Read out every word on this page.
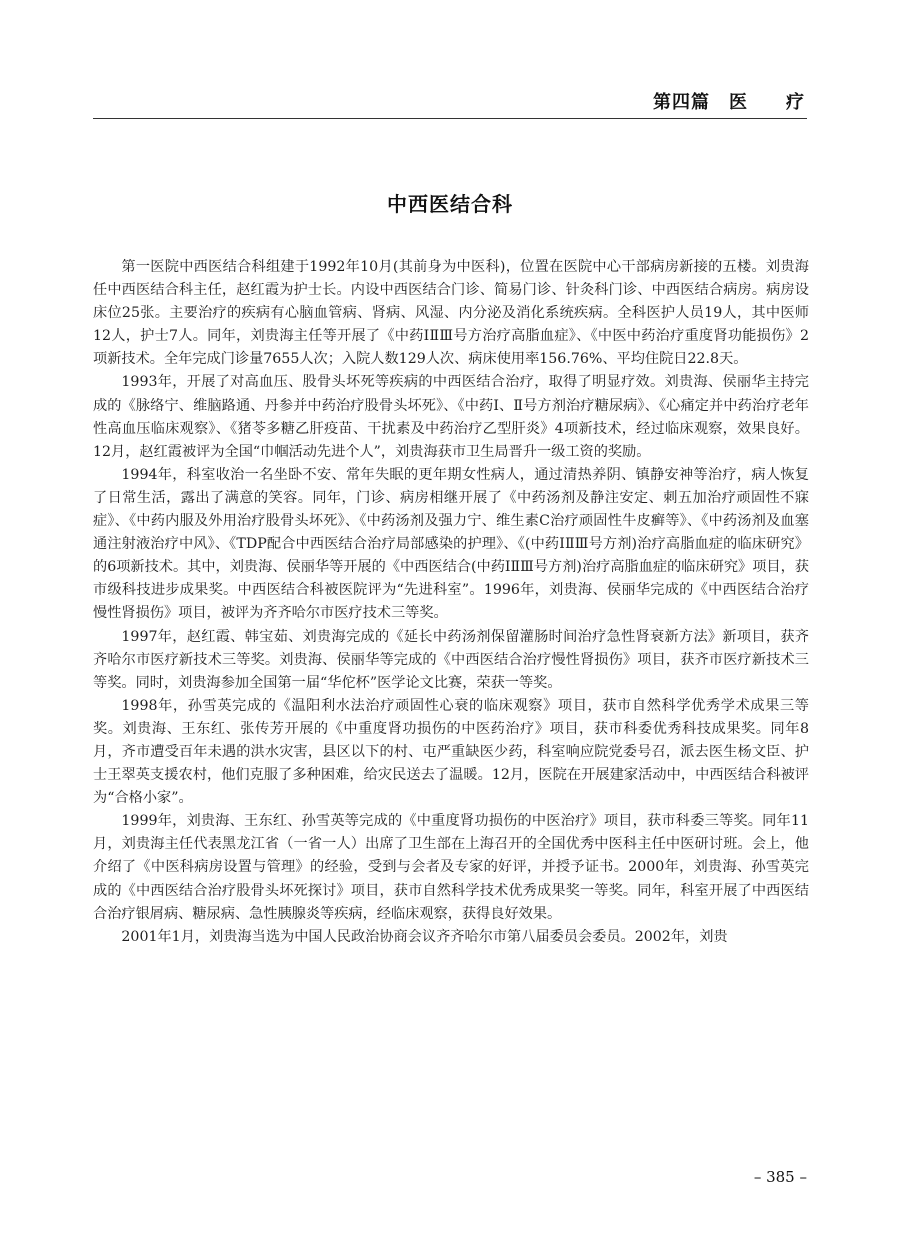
第四篇　医　　疗
中西医结合科

第一医院中西医结合科组建于1992年10月(其前身为中医科)，位置在医院中心干部病房新接的五楼。刘贵海任中西医结合科主任，赵红霞为护士长。内设中西医结合门诊、简易门诊、针灸科门诊、中西医结合病房。病房设床位25张。主要治疗的疾病有心脑血管病、肾病、风湿、内分泌及消化系统疾病。全科医护人员19人，其中医师12人，护士7人。同年，刘贵海主任等开展了《中药ⅠⅡⅢ号方治疗高脂血症》、《中医中药治疗重度肾功能损伤》2项新技术。全年完成门诊量7655人次；入院人数129人次、病床使用率156.76%、平均住院日22.8天。

1993年，开展了对高血压、股骨头坏死等疾病的中西医结合治疗，取得了明显疗效。刘贵海、侯丽华主持完成的《脉络宁、维脑路通、丹参并中药治疗股骨头坏死》、《中药Ⅰ、Ⅱ号方剂治疗糖尿病》、《心痛定并中药治疗老年性高血压临床观察》、《猪苓多糖乙肝疫苗、干扰素及中药治疗乙型肝炎》4项新技术，经过临床观察，效果良好。12月，赵红霞被评为全国“巾帼活动先进个人”，刘贵海获市卫生局晋升一级工资的奖励。

1994年，科室收治一名坐卧不安、常年失眠的更年期女性病人，通过清热养阴、镇静安神等治疗，病人恢复了日常生活，露出了满意的笑容。同年，门诊、病房相继开展了《中药汤剂及静注安定、刺五加治疗顽固性不寐症》、《中药内服及外用治疗股骨头坏死》、《中药汤剂及强力宁、维生素C治疗顽固性牛皮癣等》、《中药汤剂及血塞通注射液治疗中风》、《TDP配合中西医结合治疗局部感染的护理》、《(中药ⅠⅡⅢ号方剂)治疗高脂血症的临床研究》的6项新技术。其中，刘贵海、侯丽华等开展的《中西医结合(中药ⅠⅡⅢ号方剂)治疗高脂血症的临床研究》项目，获市级科技进步成果奖。中西医结合科被医院评为“先进科室”。1996年，刘贵海、侯丽华完成的《中西医结合治疗慢性肾损伤》项目，被评为齐齐哈尔市医疗技术三等奖。

1997年，赵红霞、韩宝茹、刘贵海完成的《延长中药汤剂保留灌肠时间治疗急性肾衰新方法》新项目，获齐齐哈尔市医疗新技术三等奖。刘贵海、侯丽华等完成的《中西医结合治疗慢性肾损伤》项目，获齐市医疗新技术三等奖。同时，刘贵海参加全国第一届“华佗杯”医学论文比赛，荣获一等奖。

1998年，孙雪英完成的《温阳利水法治疗顽固性心衰的临床观察》项目，获市自然科学优秀学术成果三等奖。刘贵海、王东红、张传芳开展的《中重度肾功损伤的中医药治疗》项目，获市科委优秀科技成果奖。同年8月，齐市遭受百年未遇的洪水灾害，县区以下的村、屯严重缺医少药，科室响应院党委号召，派去医生杨文臣、护士王翠英支援农村，他们克服了多种困难，给灾民送去了温暖。12月，医院在开展建家活动中，中西医结合科被评为“合格小家”。

1999年，刘贵海、王东红、孙雪英等完成的《中重度肾功损伤的中医治疗》项目，获市科委三等奖。同年11月，刘贵海主任代表黑龙江省（一省一人）出席了卫生部在上海召开的全国优秀中医科主任中医研讨班。会上，他介绍了《中医科病房设置与管理》的经验，受到与会者及专家的好评，并授予证书。2000年，刘贵海、孙雪英完成的《中西医结合治疗股骨头坏死探讨》项目，获市自然科学技术优秀成果奖一等奖。同年，科室开展了中西医结合治疗银屑病、糖尿病、急性胰腺炎等疾病，经临床观察，获得良好效果。

2001年1月，刘贵海当选为中国人民政治协商会议齐齐哈尔市第八届委员会委员。2002年，刘贵

– 385 –
